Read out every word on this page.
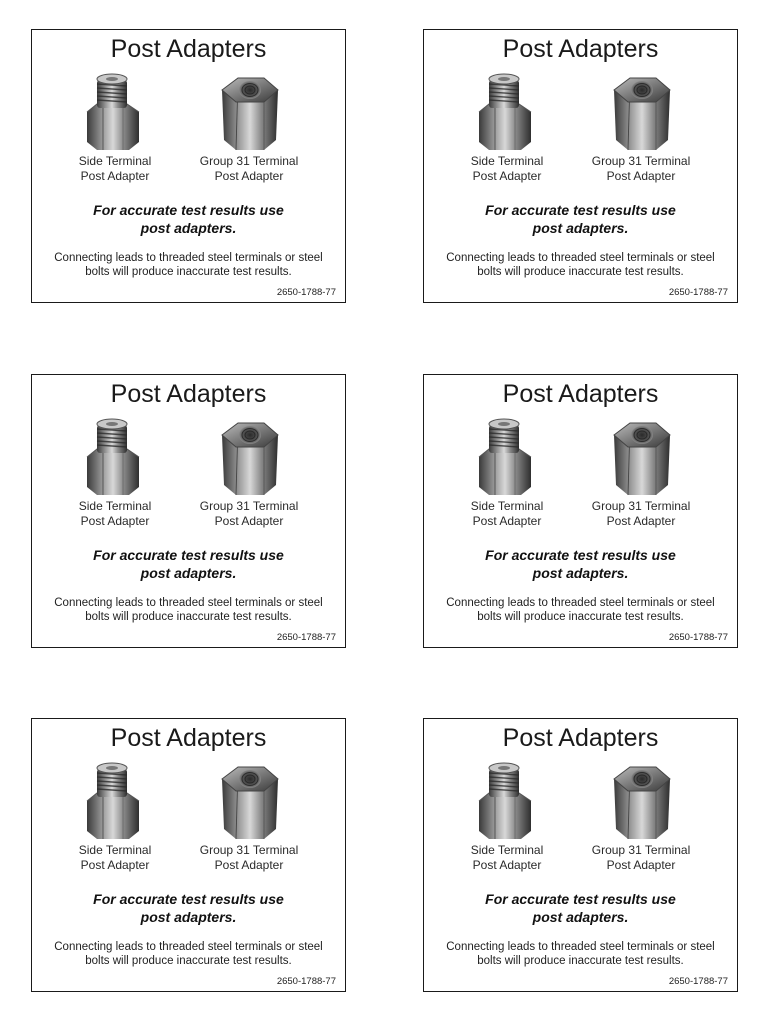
Post Adapters
Side Terminal
Post Adapter
Group 31 Terminal
Post Adapter
For accurate test results use
post adapters.
Connecting leads to threaded steel terminals or steel
bolts will produce inaccurate test results.
2650-1788-77
Post Adapters
Side Terminal
Post Adapter
Group 31 Terminal
Post Adapter
For accurate test results use
post adapters.
Connecting leads to threaded steel terminals or steel
bolts will produce inaccurate test results.
2650-1788-77
Post Adapters
Side Terminal
Post Adapter
Group 31 Terminal
Post Adapter
For accurate test results use
post adapters.
Connecting leads to threaded steel terminals or steel
bolts will produce inaccurate test results.
2650-1788-77
Post Adapters
Side Terminal
Post Adapter
Group 31 Terminal
Post Adapter
For accurate test results use
post adapters.
Connecting leads to threaded steel terminals or steel
bolts will produce inaccurate test results.
2650-1788-77
Post Adapters
Side Terminal
Post Adapter
Group 31 Terminal
Post Adapter
For accurate test results use
post adapters.
Connecting leads to threaded steel terminals or steel
bolts will produce inaccurate test results.
2650-1788-77
Post Adapters
Side Terminal
Post Adapter
Group 31 Terminal
Post Adapter
For accurate test results use
post adapters.
Connecting leads to threaded steel terminals or steel
bolts will produce inaccurate test results.
2650-1788-77
